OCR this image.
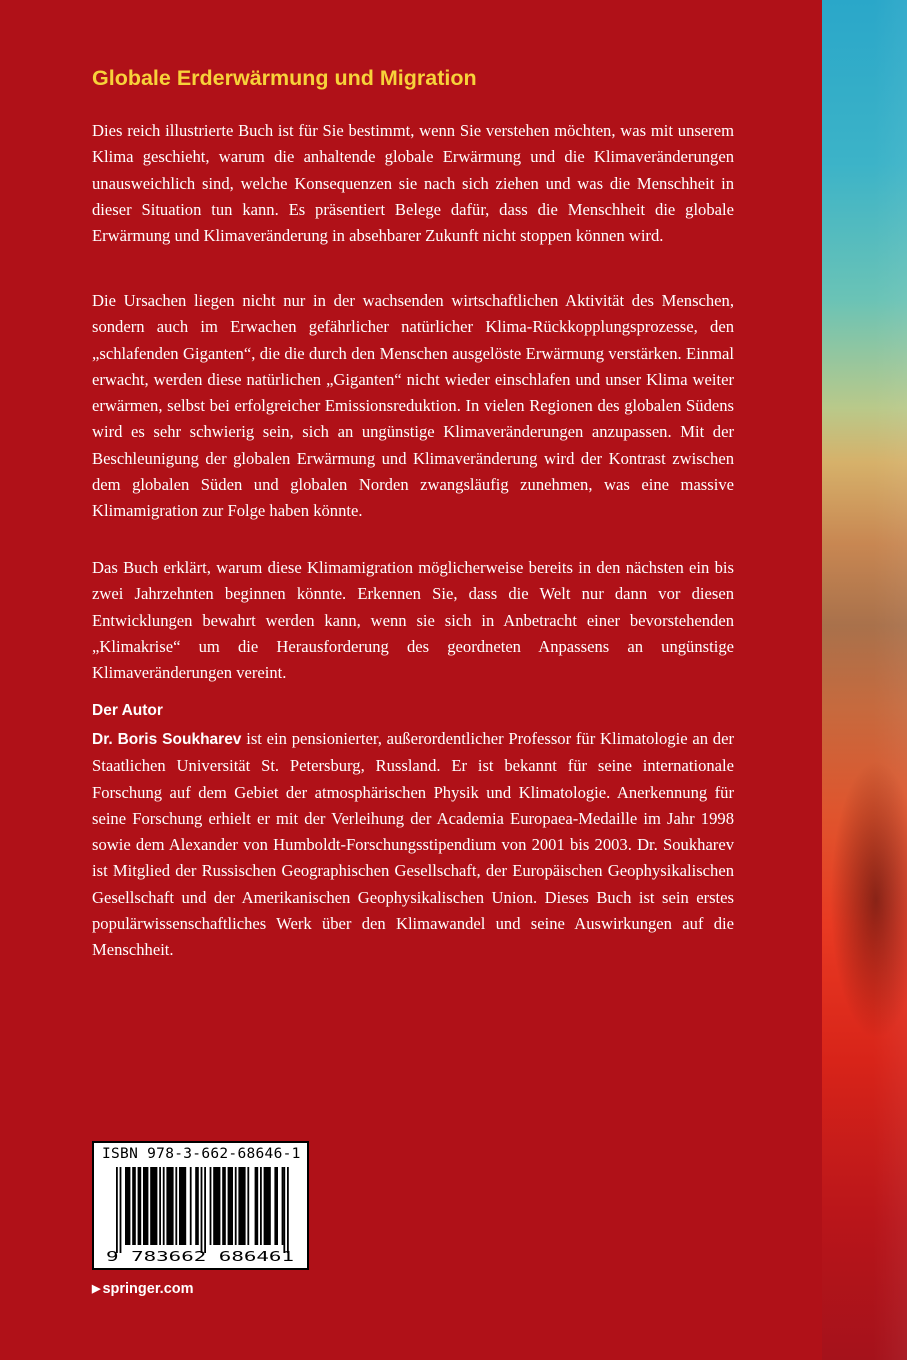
Globale Erderwärmung und Migration

Dies reich illustrierte Buch ist für Sie bestimmt, wenn Sie verstehen möchten, was mit unserem Klima geschieht, warum die anhaltende globale Erwärmung und die Klimaveränderungen unausweichlich sind, welche Konsequenzen sie nach sich ziehen und was die Menschheit in dieser Situation tun kann. Es präsentiert Belege dafür, dass die Menschheit die globale Erwärmung und Klimaveränderung in absehbarer Zukunft nicht stoppen können wird.

Die Ursachen liegen nicht nur in der wachsenden wirtschaftlichen Aktivität des Menschen, sondern auch im Erwachen gefährlicher natürlicher Klima-Rückkopplungsprozesse, den „schlafenden Giganten“, die die durch den Menschen ausgelöste Erwärmung verstärken. Einmal erwacht, werden diese natürlichen „Giganten“ nicht wieder einschlafen und unser Klima weiter erwärmen, selbst bei erfolgreicher Emissionsreduktion. In vielen Regionen des globalen Südens wird es sehr schwierig sein, sich an ungünstige Klimaveränderungen anzupassen. Mit der Beschleunigung der globalen Erwärmung und Klimaveränderung wird der Kontrast zwischen dem globalen Süden und globalen Norden zwangsläufig zunehmen, was eine massive Klimamigration zur Folge haben könnte.

Das Buch erklärt, warum diese Klimamigration möglicherweise bereits in den nächsten ein bis zwei Jahrzehnten beginnen könnte. Erkennen Sie, dass die Welt nur dann vor diesen Entwicklungen bewahrt werden kann, wenn sie sich in Anbetracht einer bevorstehenden „Klimakrise“ um die Herausforderung des geordneten Anpassens an ungünstige Klimaveränderungen vereint.

Der Autor

Dr. Boris Soukharev ist ein pensionierter, außerordentlicher Professor für Klimatologie an der Staatlichen Universität St. Petersburg, Russland. Er ist bekannt für seine internationale Forschung auf dem Gebiet der atmosphärischen Physik und Klimatologie. Anerkennung für seine Forschung erhielt er mit der Verleihung der Academia Europaea-Medaille im Jahr 1998 sowie dem Alexander von Humboldt-Forschungsstipendium von 2001 bis 2003. Dr. Soukharev ist Mitglied der Russischen Geographischen Gesellschaft, der Europäischen Geophysikalischen Gesellschaft und der Amerikanischen Geophysikalischen Union. Dieses Buch ist sein erstes populärwissenschaftliches Werk über den Klimawandel und seine Auswirkungen auf die Menschheit.

ISBN 978-3-662-68646-1
9 783662 686461
▶ springer.com
